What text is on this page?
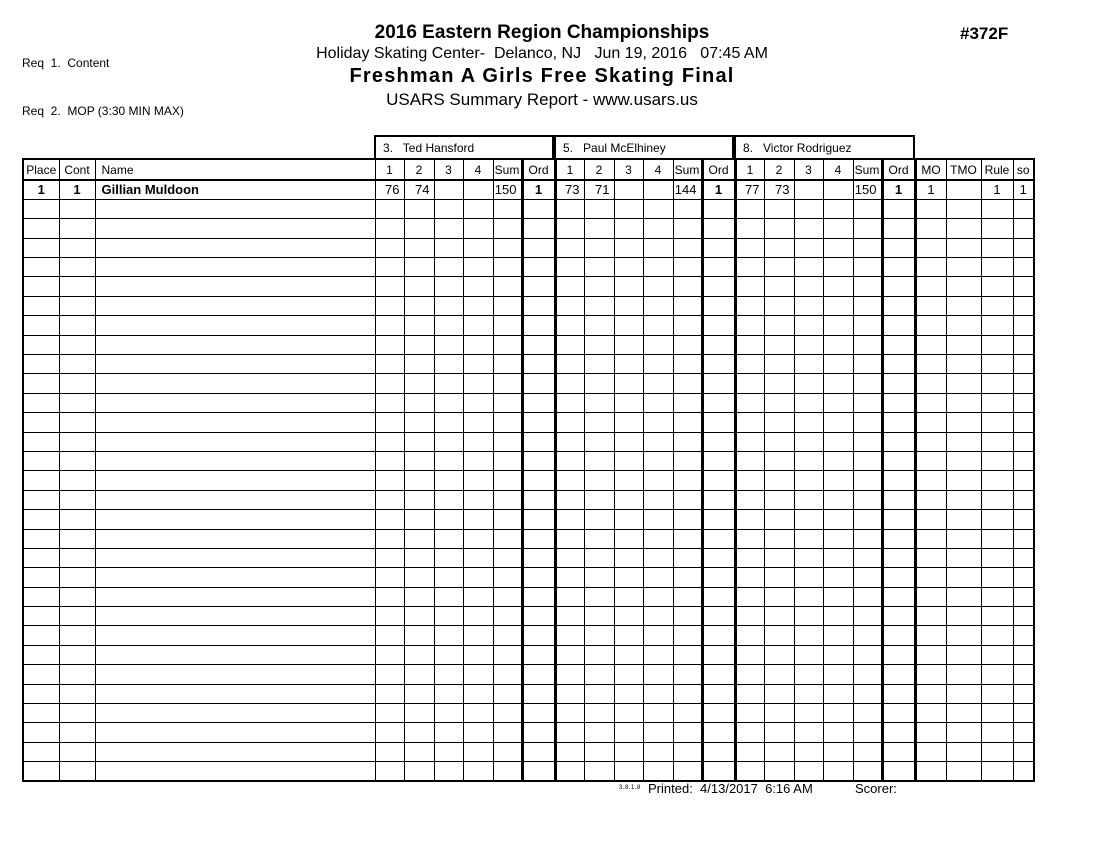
Req  1.  Content

Req  2.  MOP (3:30 MIN MAX)

2016 Eastern Region Championships
Holiday Skating Center-  Delanco, NJ   Jun 19, 2016   07:45 AM
Freshman A Girls Free Skating Final
USARS Summary Report - www.usars.us
#372F
3.   Ted Hansford	5.   Paul McElhiney	8.   Victor Rodriguez
Place	Cont	Name	1	2	3	4	Sum	Ord	1	2	3	4	Sum	Ord	1	2	3	4	Sum	Ord	MO	TMO	Rule	so
1	1	Gillian Muldoon	76	74			150	1	73	71			144	1	77	73			150	1	1		1	1

3.8.1.8 Printed:  4/13/2017  6:16 AM	Scorer:
